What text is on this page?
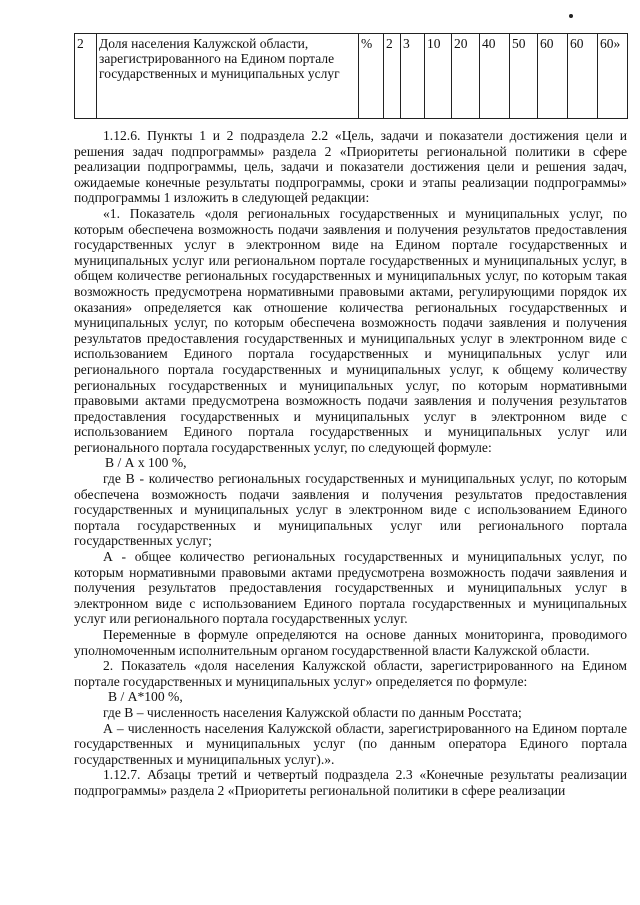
2	Доля населения Калужской области, зарегистрированного на Едином портале государственных и муниципальных услуг	%	2	3	10	20	40	50	60	60	60»

1.12.6. Пункты 1 и 2 подраздела 2.2 «Цель, задачи и показатели достижения цели и решения задач подпрограммы» раздела 2 «Приоритеты региональной политики в сфере реализации подпрограммы, цель, задачи и показатели достижения цели и решения задач, ожидаемые конечные результаты подпрограммы, сроки и этапы реализации подпрограммы» подпрограммы 1 изложить в следующей редакции:

«1. Показатель «доля региональных государственных и муниципальных услуг, по которым обеспечена возможность подачи заявления и получения результатов предоставления государственных услуг в электронном виде на Едином портале государственных и муниципальных услуг или региональном портале государственных и муниципальных услуг, в общем количестве региональных государственных и муниципальных услуг, по которым такая возможность предусмотрена нормативными правовыми актами, регулирующими порядок их оказания» определяется как отношение количества региональных государственных и муниципальных услуг, по которым обеспечена возможность подачи заявления и получения результатов предоставления государственных и муниципальных услуг в электронном виде с использованием Единого портала государственных и муниципальных услуг или регионального портала государственных и муниципальных услуг, к общему количеству региональных государственных и муниципальных услуг, по которым нормативными правовыми актами предусмотрена возможность подачи заявления и получения результатов предоставления государственных и муниципальных услуг в электронном виде с использованием Единого портала государственных и муниципальных услуг или регионального портала государственных услуг, по следующей формуле:

В / А х 100 %,

где В - количество региональных государственных и муниципальных услуг, по которым обеспечена возможность подачи заявления и получения результатов предоставления государственных и муниципальных услуг в электронном виде с использованием Единого портала государственных и муниципальных услуг или регионального портала государственных услуг;

А - общее количество региональных государственных и муниципальных услуг, по которым нормативными правовыми актами предусмотрена возможность подачи заявления и получения результатов предоставления государственных и муниципальных услуг в электронном виде с использованием Единого портала государственных и муниципальных услуг или регионального портала государственных услуг.

Переменные в формуле определяются на основе данных мониторинга, проводимого уполномоченным исполнительным органом государственной власти Калужской области.

2. Показатель «доля населения Калужской области, зарегистрированного на Едином портале государственных и муниципальных услуг» определяется по формуле:

В / А*100 %,

где В – численность населения Калужской области по данным Росстата;

А – численность населения Калужской области, зарегистрированного на Едином портале государственных и муниципальных услуг (по данным оператора Единого портала государственных и муниципальных услуг).».

1.12.7. Абзацы третий и четвертый подраздела 2.3 «Конечные результаты реализации подпрограммы» раздела 2 «Приоритеты региональной политики в сфере реализации
